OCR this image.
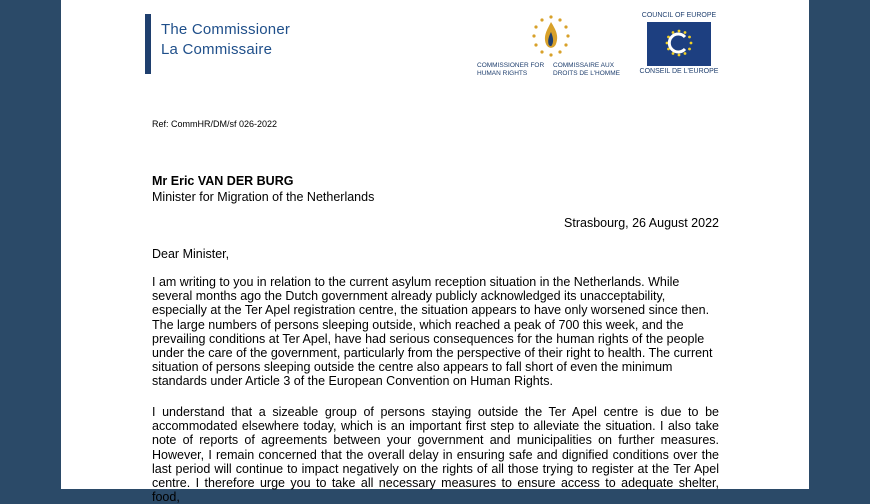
The Commissioner
La Commissaire
COMMISSIONER FOR HUMAN RIGHTS
COMMISSAIRE AUX DROITS DE L'HOMME
COUNCIL OF EUROPE
CONSEIL DE L'EUROPE
Ref: CommHR/DM/sf 026-2022
Mr Eric VAN DER BURG
Minister for Migration of the Netherlands
Strasbourg, 26 August 2022
Dear Minister,

I am writing to you in relation to the current asylum reception situation in the Netherlands. While several months ago the Dutch government already publicly acknowledged its unacceptability, especially at the Ter Apel registration centre, the situation appears to have only worsened since then. The large numbers of persons sleeping outside, which reached a peak of 700 this week, and the prevailing conditions at Ter Apel, have had serious consequences for the human rights of the people under the care of the government, particularly from the perspective of their right to health. The current situation of persons sleeping outside the centre also appears to fall short of even the minimum standards under Article 3 of the European Convention on Human Rights.

I understand that a sizeable group of persons staying outside the Ter Apel centre is due to be accommodated elsewhere today, which is an important first step to alleviate the situation. I also take note of reports of agreements between your government and municipalities on further measures. However, I remain concerned that the overall delay in ensuring safe and dignified conditions over the last period will continue to impact negatively on the rights of all those trying to register at the Ter Apel centre. I therefore urge you to take all necessary measures to ensure access to adequate shelter, food,
